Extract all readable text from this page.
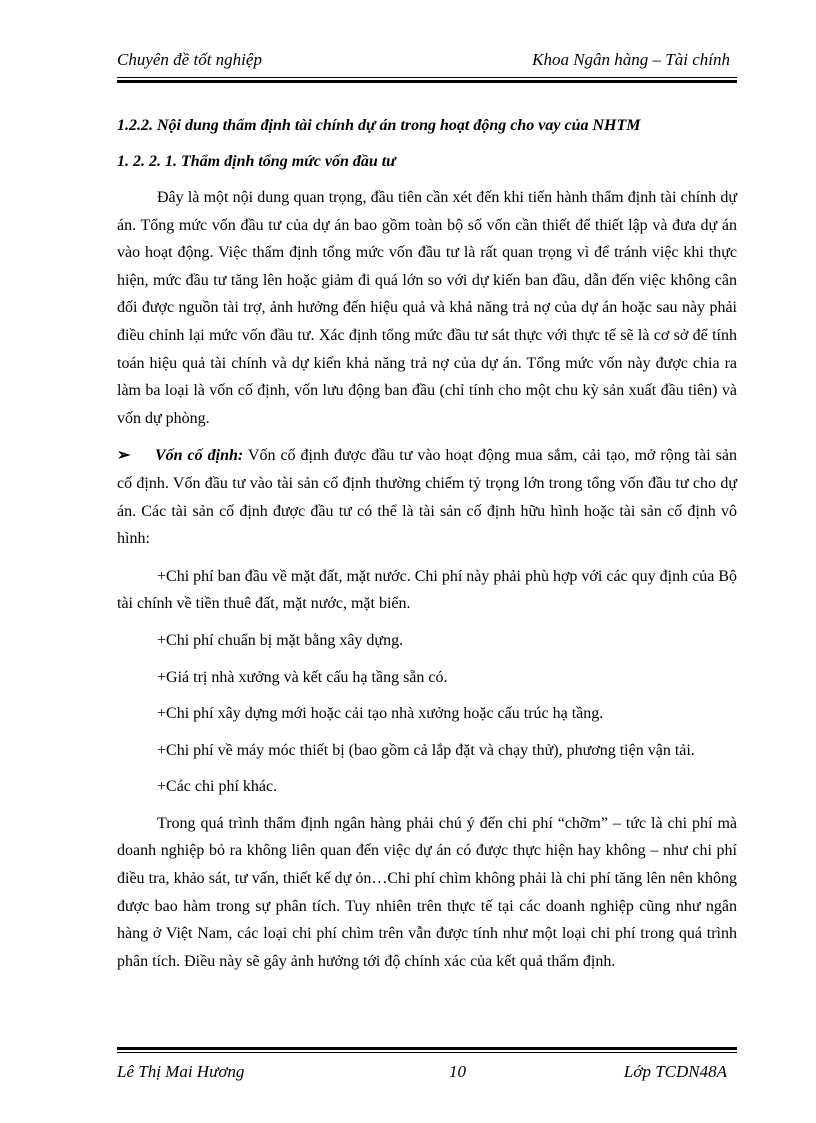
Chuyên đề tốt nghiệp	Khoa Ngân hàng – Tài chính
1.2.2. Nội dung thẩm định tài chính dự án trong hoạt động cho vay của NHTM
1. 2. 2. 1. Thẩm định tổng mức vốn đầu tư

Đây là một nội dung quan trọng, đầu tiên cần xét đến khi tiến hành thẩm định tài chính dự án. Tổng mức vốn đầu tư của dự án bao gồm toàn bộ số vốn cần thiết để thiết lập và đưa dự án vào hoạt động. Việc thẩm định tổng mức vốn đầu tư là rất quan trọng vì để tránh việc khi thực hiện, mức đầu tư tăng lên hoặc giảm đi quá lớn so với dự kiến ban đầu, dẫn đến việc không cân đối được nguồn tài trợ, ảnh hưởng đến hiệu quả và khả năng trả nợ của dự án hoặc sau này phải điều chỉnh lại mức vốn đầu tư. Xác định tổng mức đầu tư sát thực với thực tế sẽ là cơ sở để tính toán hiệu quả tài chính và dự kiến khả năng trả nợ của dự án. Tổng mức vốn này được chia ra làm ba loại là vốn cố định, vốn lưu động ban đầu (chỉ tính cho một chu kỳ sản xuất đầu tiên) và vốn dự phòng.

➢ Vốn cố định: Vốn cố định được đầu tư vào hoạt động mua sắm, cải tạo, mở rộng tài sản cố định. Vốn đầu tư vào tài sản cố định thường chiếm tỷ trọng lớn trong tổng vốn đầu tư cho dự án. Các tài sản cố định được đầu tư có thể là tài sản cố định hữu hình hoặc tài sản cố định vô hình:

+Chi phí ban đầu về mặt đất, mặt nước. Chi phí này phải phù hợp với các quy định của Bộ tài chính về tiền thuê đất, mặt nước, mặt biển.

+Chi phí chuẩn bị mặt bằng xây dựng.

+Giá trị nhà xưởng và kết cấu hạ tầng sẵn có.

+Chi phí xây dựng mới hoặc cải tạo nhà xưởng hoặc cấu trúc hạ tầng.

+Chi phí về máy móc thiết bị (bao gồm cả lắp đặt và chạy thử), phương tiện vận tải.

+Các chi phí khác.

Trong quá trình thẩm định ngân hàng phải chú ý đến chi phí “chỡm” – tức là chi phí mà doanh nghiệp bỏ ra không liên quan đến việc dự án có được thực hiện hay không – như chi phí điều tra, khảo sát, tư vấn, thiết kế dự ỏn…Chi phí chìm không phải là chi phí tăng lên nên không được bao hàm trong sự phân tích. Tuy nhiên trên thực tế tại các doanh nghiệp cũng như ngân hàng ở Việt Nam, các loại chi phí chìm trên vẫn được tính như một loại chi phí trong quá trình phân tích. Điều này sẽ gây ảnh hưởng tới độ chính xác của kết quả thẩm định.

Lê Thị Mai Hương	10	Lớp TCDN48A
